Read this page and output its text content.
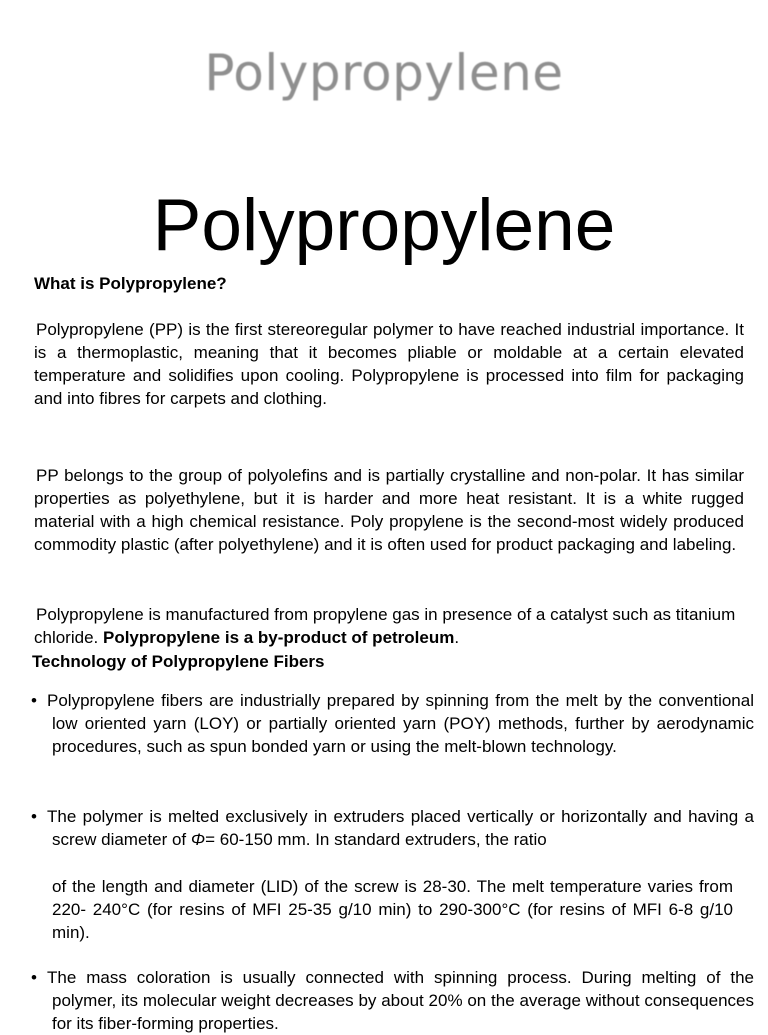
Polypropylene
Polypropylene
What is Polypropylene?
Polypropylene (PP) is the first stereoregular polymer to have reached industrial importance. It is a thermoplastic, meaning that it becomes pliable or moldable at a certain elevated temperature and solidifies upon cooling. Polypropylene is processed into film for packaging and into fibres for carpets and clothing.
PP belongs to the group of polyolefins and is partially crystalline and non-polar. It has similar properties as polyethylene, but it is harder and more heat resistant. It is a white rugged material with a high chemical resistance. Poly propylene is the second-most widely produced commodity plastic (after polyethylene) and it is often used for product packaging and labeling.
Polypropylene is manufactured from propylene gas in presence of a catalyst such as titanium chloride. Polypropylene is a by-product of petroleum.
Technology of Polypropylene Fibers
• Polypropylene fibers are industrially prepared by spinning from the melt by the conventional low oriented yarn (LOY) or partially oriented yarn (POY) methods, further by aerodynamic procedures, such as spun bonded yarn or using the melt-blown technology.
• The polymer is melted exclusively in extruders placed vertically or horizontally and having a screw diameter of Φ= 60-150 mm. In standard extruders, the ratio
of the length and diameter (LID) of the screw is 28-30. The melt temperature varies from 220- 240°C (for resins of MFI 25-35 g/10 min) to 290-300°C (for resins of MFI 6-8 g/10 min).
• The mass coloration is usually connected with spinning process. During melting of the polymer, its molecular weight decreases by about 20% on the average without consequences for its fiber-forming properties.
